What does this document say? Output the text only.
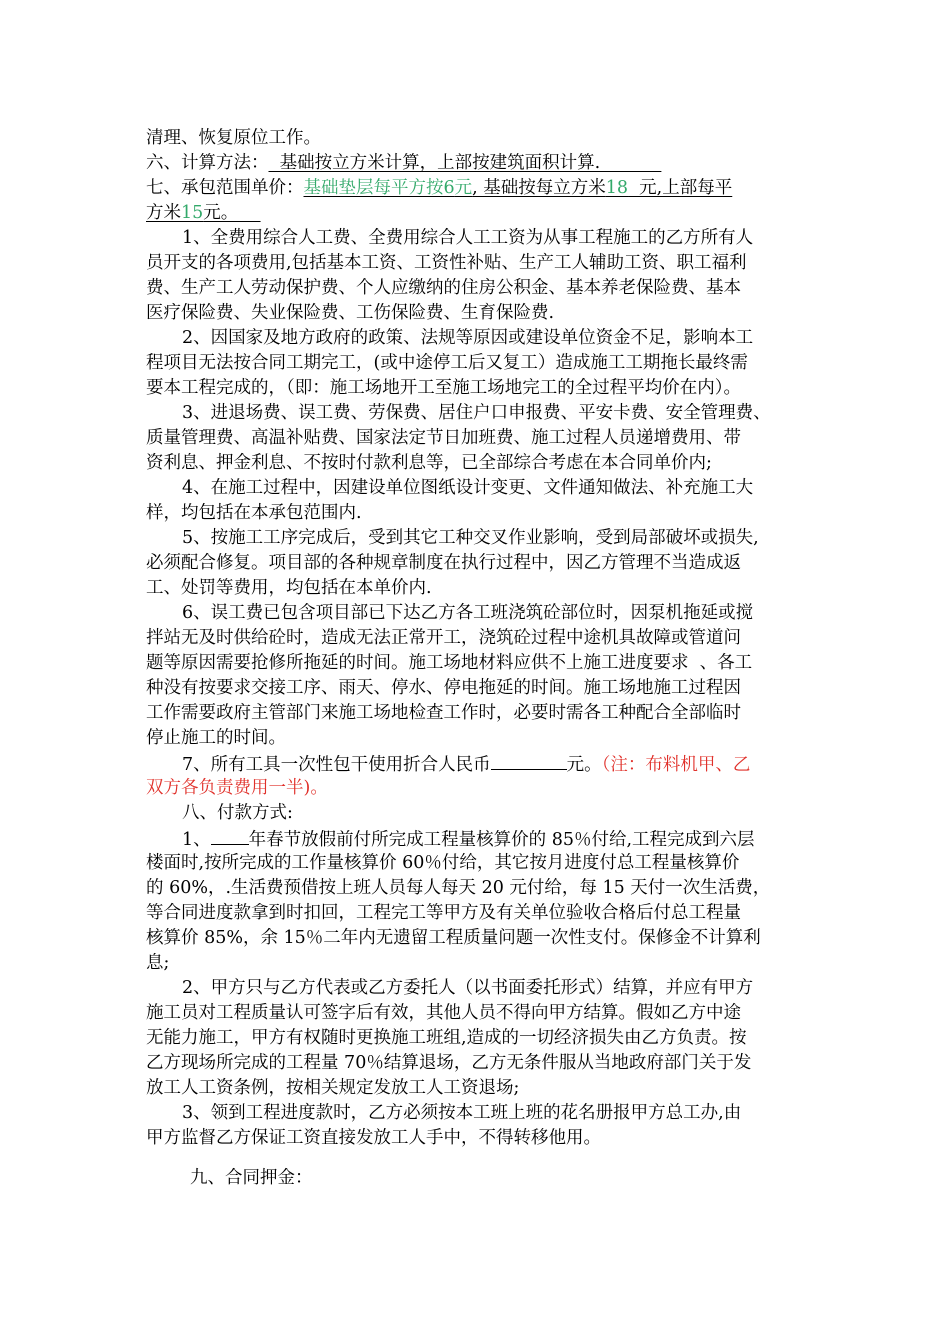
清理、恢复原位工作。
六、计算方法：  基础按立方米计算，上部按建筑面积计算.
七、承包范围单价：基础垫层每平方按6元, 基础按每立方米18  元,上部每平
方米15元。
1、全费用综合人工费、全费用综合人工工资为从事工程施工的乙方所有人
员开支的各项费用,包括基本工资、工资性补贴、生产工人辅助工资、职工福利
费、生产工人劳动保护费、个人应缴纳的住房公积金、基本养老保险费、基本
医疗保险费、失业保险费、工伤保险费、生育保险费.
2、因国家及地方政府的政策、法规等原因或建设单位资金不足，影响本工
程项目无法按合同工期完工，(或中途停工后又复工）造成施工工期拖长最终需
要本工程完成的，（即：施工场地开工至施工场地完工的全过程平均价在内）。
3、进退场费、误工费、劳保费、居住户口申报费、平安卡费、安全管理费、
质量管理费、高温补贴费、国家法定节日加班费、施工过程人员递增费用、带
资利息、押金利息、不按时付款利息等，已全部综合考虑在本合同单价内;
4、在施工过程中，因建设单位图纸设计变更、文件通知做法、补充施工大
样，均包括在本承包范围内.
5、按施工工序完成后，受到其它工种交叉作业影响，受到局部破坏或损失,
必须配合修复。项目部的各种规章制度在执行过程中，因乙方管理不当造成返
工、处罚等费用，均包括在本单价内.
6、误工费已包含项目部已下达乙方各工班浇筑砼部位时，因泵机拖延或搅
拌站无及时供给砼时，造成无法正常开工，浇筑砼过程中途机具故障或管道问
题等原因需要抢修所拖延的时间。施工场地材料应供不上施工进度要求  、各工
种没有按要求交接工序、雨天、停水、停电拖延的时间。施工场地施工过程因
工作需要政府主管部门来施工场地检查工作时，必要时需各工种配合全部临时
停止施工的时间。
7、所有工具一次性包干使用折合人民币	元。（注：布料机甲、乙
双方各负责费用一半)。
八、付款方式:
1、 年春节放假前付所完成工程量核算价的 85％付给,工程完成到六层
楼面时,按所完成的工作量核算价 60％付给，其它按月进度付总工程量核算价
的 60%，.生活费预借按上班人员每人每天 20 元付给，每 15 天付一次生活费，
等合同进度款拿到时扣回，工程完工等甲方及有关单位验收合格后付总工程量
核算价 85%，余 15％二年内无遗留工程质量问题一次性支付。保修金不计算利
息;
2、甲方只与乙方代表或乙方委托人（以书面委托形式）结算，并应有甲方
施工员对工程质量认可签字后有效，其他人员不得向甲方结算。假如乙方中途
无能力施工，甲方有权随时更换施工班组,造成的一切经济损失由乙方负责。按
乙方现场所完成的工程量 70％结算退场，乙方无条件服从当地政府部门关于发
放工人工资条例，按相关规定发放工人工资退场;
3、领到工程进度款时，乙方必须按本工班上班的花名册报甲方总工办,由
甲方监督乙方保证工资直接发放工人手中，不得转移他用。
九、合同押金：
